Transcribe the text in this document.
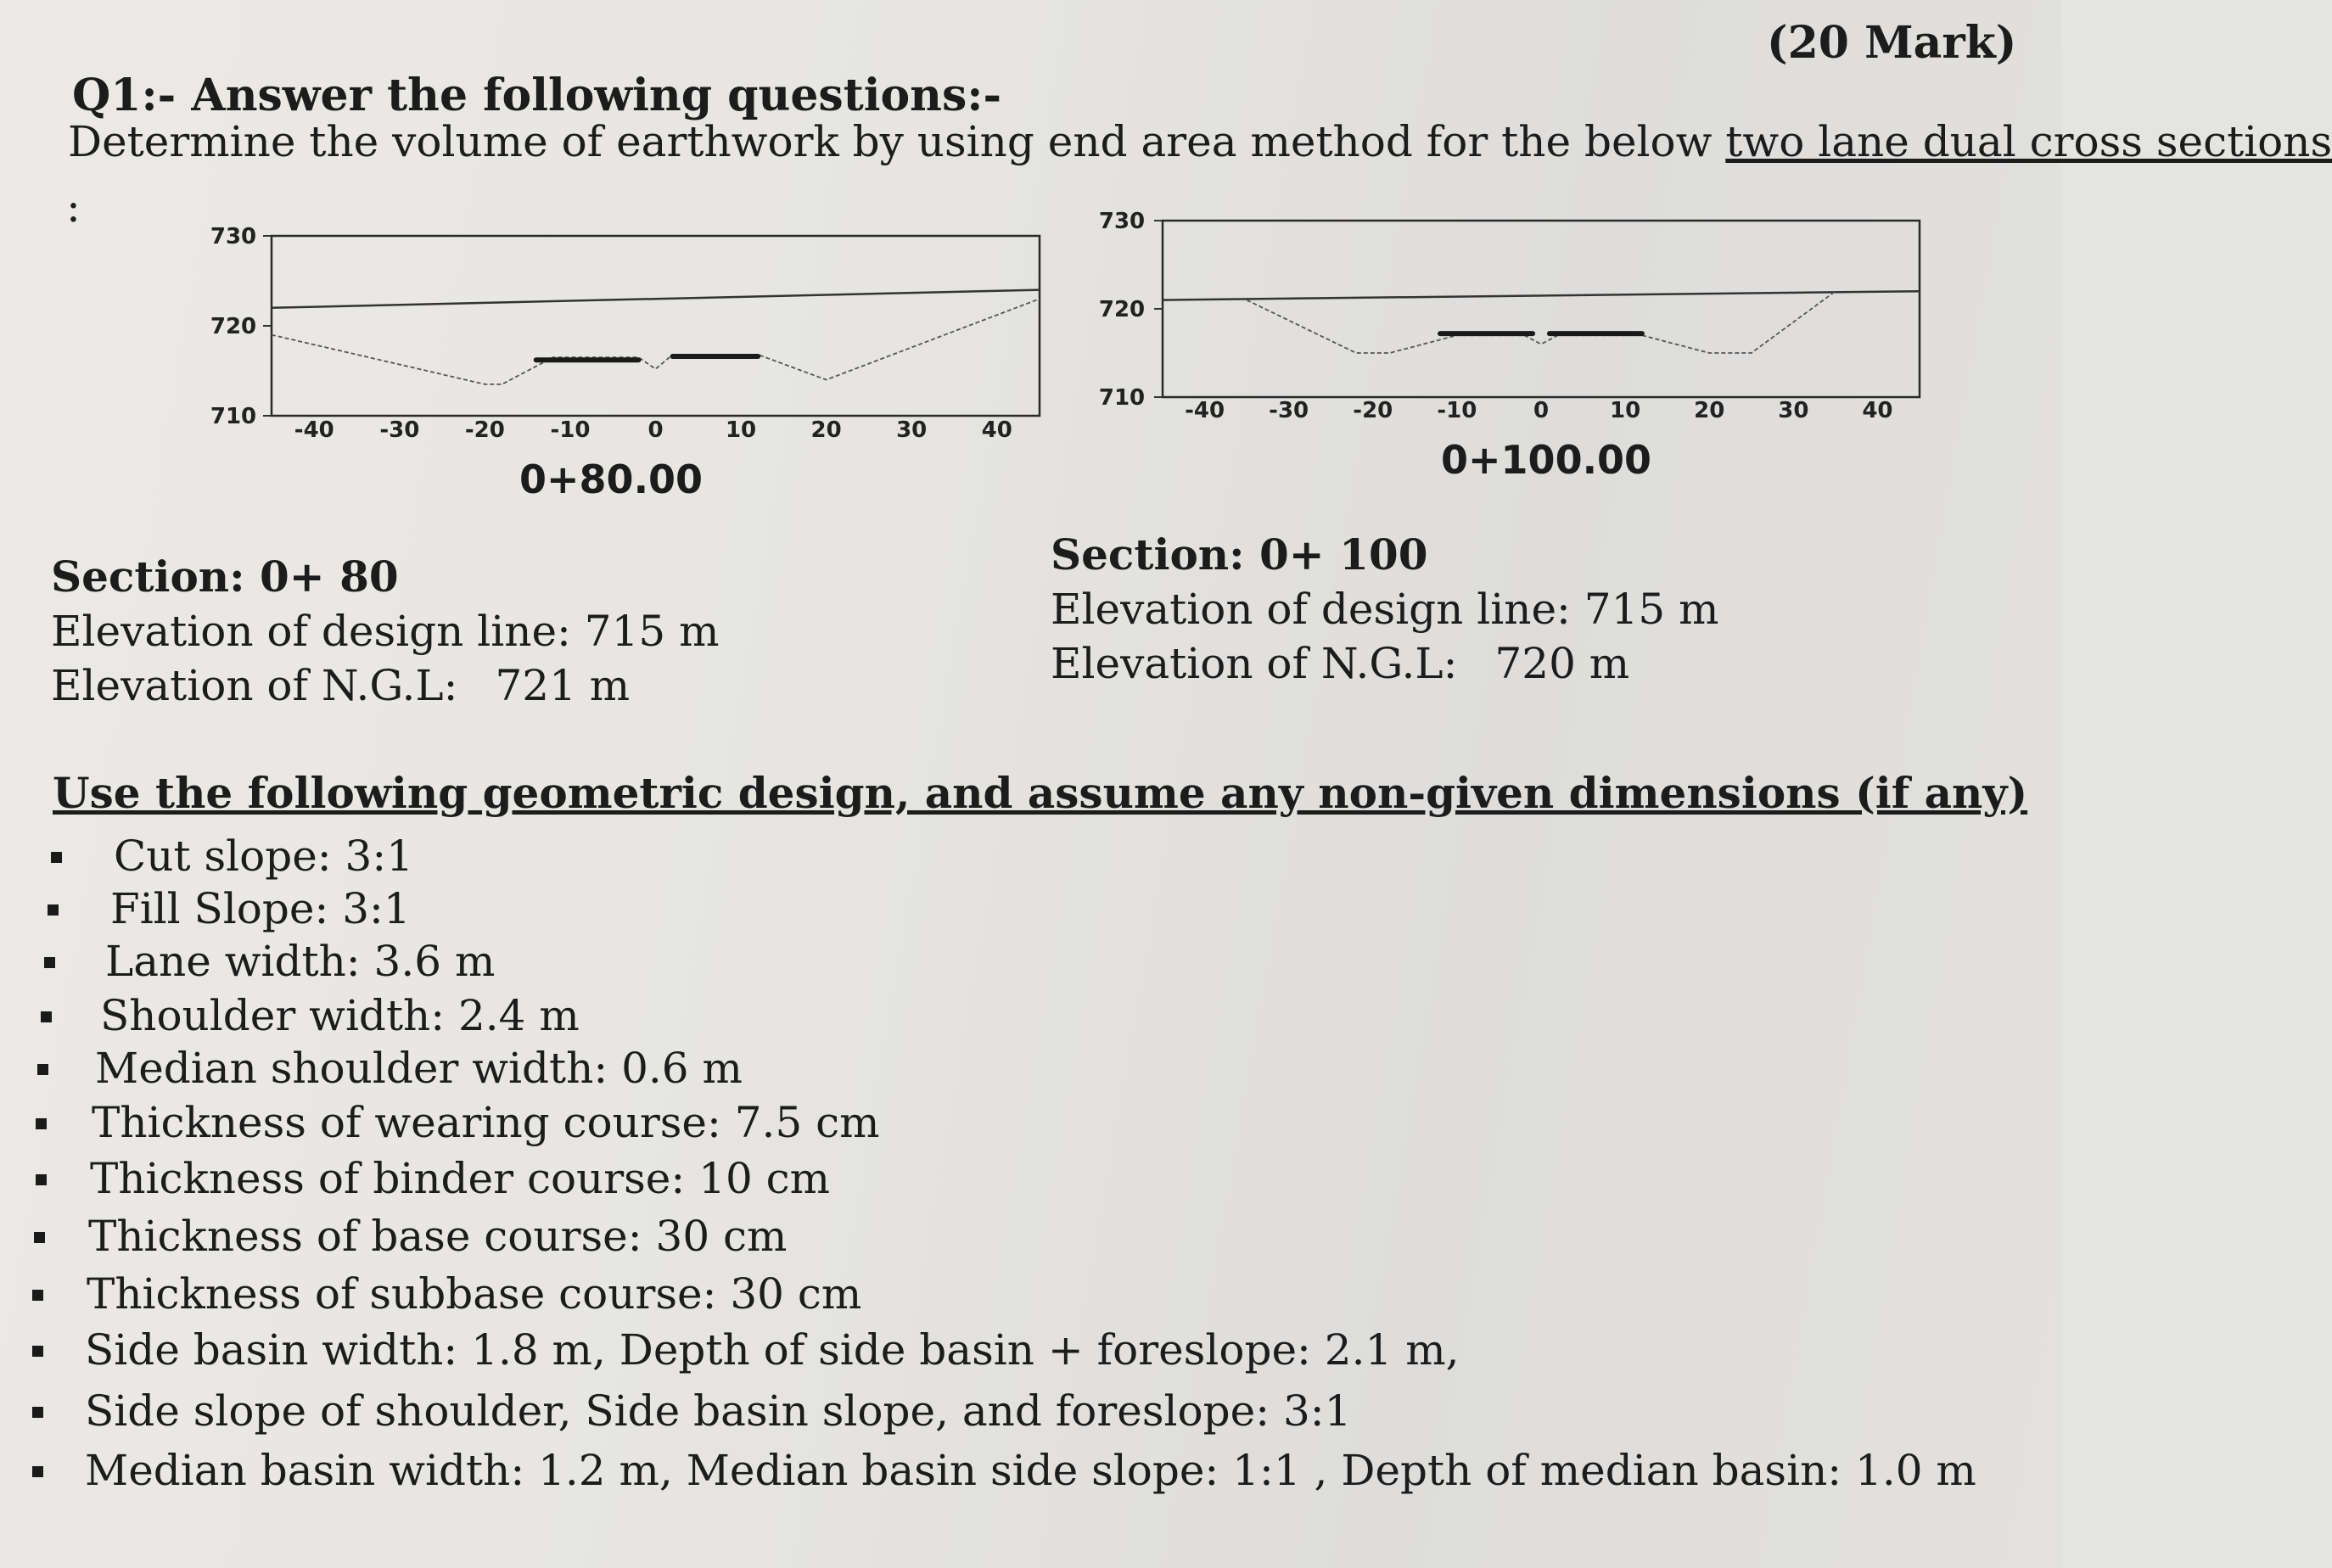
Q1:- Answer the following questions:-
(20 Mark)
Determine the volume of earthwork by using end area method for the below two lane dual cross sections
:
730
720
710
-40 -30 -20 -10	0	10 20 30 40
0+80.00
730
720
710 -40 -30 -20 -10	0	10 20 30 40
0+100.00
Section: 0+ 80
Elevation of design line: 715 m
Elevation of N.G.L: 721 m
Section: 0+ 100
Elevation of design line: 715 m
Elevation of N.G.L: 720 m
Use the following geometric design, and assume any non-given dimensions (if any)
Cut slope: 3:1
Fill Slope: 3:1
Lane width: 3.6 m
Shoulder width: 2.4 m
Median shoulder width: 0.6 m
Thickness of wearing course: 7.5 cm
Thickness of binder course: 10 cm
Thickness of base course: 30 cm
Thickness of subbase course: 30 cm
Side basin width: 1.8 m, Depth of side basin + foreslope: 2.1 m,
Side slope of shoulder, Side basin slope, and foreslope: 3:1
Median basin width: 1.2 m, Median basin side slope: 1:1 , Depth of median basin: 1.0 m
